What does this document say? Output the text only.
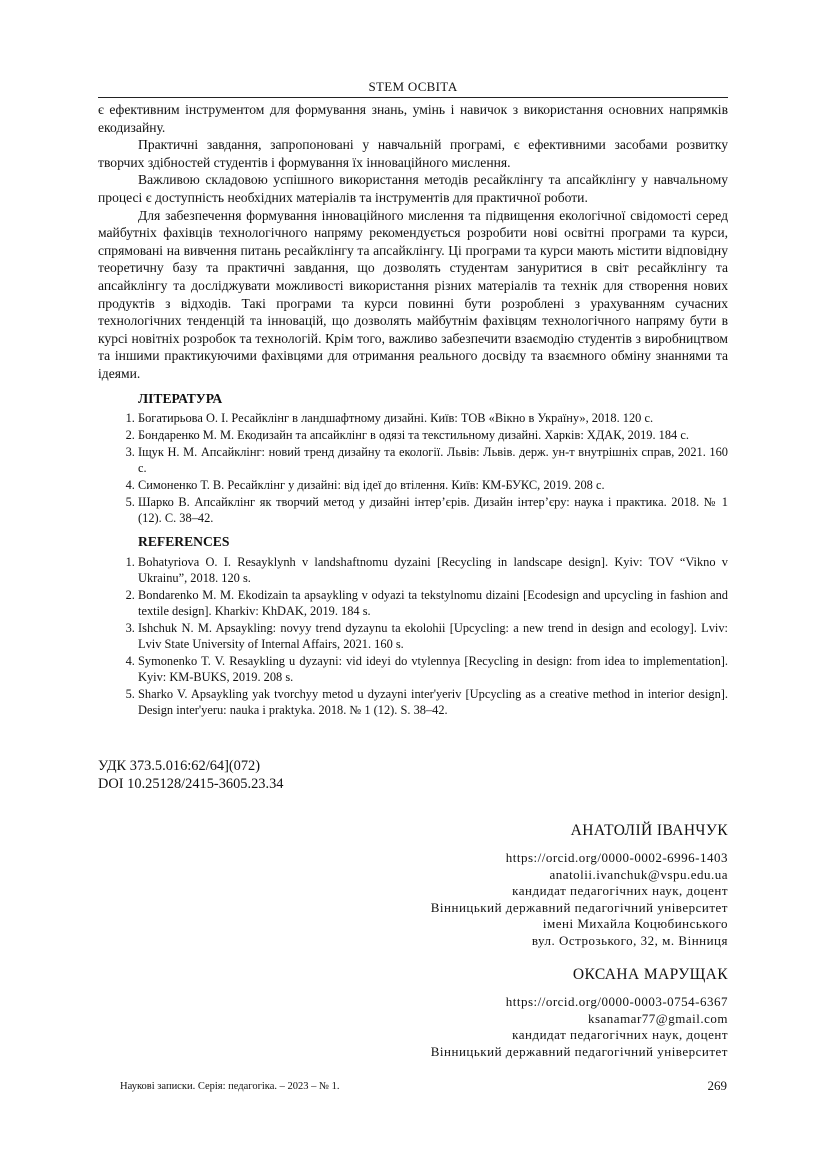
STEM ОСВІТА

є ефективним інструментом для формування знань, умінь і навичок з використання основних напрямків екодизайну.

Практичні завдання, запропоновані у навчальній програмі, є ефективними засобами розвитку творчих здібностей студентів і формування їх інноваційного мислення.

Важливою складовою успішного використання методів ресайклінгу та апсайклінгу у навчальному процесі є доступність необхідних матеріалів та інструментів для практичної роботи.

Для забезпечення формування інноваційного мислення та підвищення екологічної свідомості серед майбутніх фахівців технологічного напряму рекомендується розробити нові освітні програми та курси, спрямовані на вивчення питань ресайклінгу та апсайклінгу. Ці програми та курси мають містити відповідну теоретичну базу та практичні завдання, що дозволять студентам зануритися в світ ресайклінгу та апсайклінгу та досліджувати можливості використання різних матеріалів та технік для створення нових продуктів з відходів. Такі програми та курси повинні бути розроблені з урахуванням сучасних технологічних тенденцій та інновацій, що дозволять майбутнім фахівцям технологічного напряму бути в курсі новітніх розробок та технологій. Крім того, важливо забезпечити взаємодію студентів з виробництвом та іншими практикуючими фахівцями для отримання реального досвіду та взаємного обміну знаннями та ідеями.

ЛІТЕРАТУРА
1. Богатирьова О. І. Ресайклінг в ландшафтному дизайні. Київ: ТОВ «Вікно в Україну», 2018. 120 с.
2. Бондаренко М. М. Екодизайн та апсайклінг в одязі та текстильному дизайні. Харків: ХДАК, 2019. 184 с.
3. Іщук Н. М. Апсайклінг: новий тренд дизайну та екології. Львів: Львів. держ. ун-т внутрішніх справ, 2021. 160 с.
4. Симоненко Т. В. Ресайклінг у дизайні: від ідеї до втілення. Київ: КМ-БУКС, 2019. 208 с.
5. Шарко В. Апсайклінг як творчий метод у дизайні інтер’єрів. Дизайн інтер’єру: наука і практика. 2018. № 1 (12). С. 38–42.
REFERENCES
1. Bohatyriova O. I. Resayklynh v landshaftnomu dyzaini [Recycling in landscape design]. Kyiv: TOV “Vikno v Ukrainu”, 2018. 120 s.
2. Bondarenko M. M. Ekodizain ta apsaykling v odyazi ta tekstylnomu dizaini [Ecodesign and upcycling in fashion and textile design]. Kharkiv: KhDAK, 2019. 184 s.
3. Ishchuk N. M. Apsaykling: novyy trend dyzaynu ta ekolohii [Upcycling: a new trend in design and ecology]. Lviv: Lviv State University of Internal Affairs, 2021. 160 s.
4. Symonenko T. V. Resaykling u dyzayni: vid ideyi do vtylennya [Recycling in design: from idea to implementation]. Kyiv: KM-BUKS, 2019. 208 s.
5. Sharko V. Apsaykling yak tvorchyy metod u dyzayni inter'yeriv [Upcycling as a creative method in interior design]. Design inter'yeru: nauka i praktyka. 2018. № 1 (12). S. 38–42.
УДК 373.5.016:62/64](072)
DOI 10.25128/2415-3605.23.34
АНАТОЛІЙ ІВАНЧУК
https://orcid.org/0000-0002-6996-1403
anatolii.ivanchuk@vspu.edu.ua
кандидат педагогічних наук, доцент
Вінницький державний педагогічний університет
імені Михайла Коцюбинського
вул. Острозького, 32, м. Вінниця
ОКСАНА МАРУЩАК
https://orcid.org/0000-0003-0754-6367
ksanamar77@gmail.com
кандидат педагогічних наук, доцент
Вінницький державний педагогічний університет
Наукові записки. Серія: педагогіка. – 2023 – № 1.	269
